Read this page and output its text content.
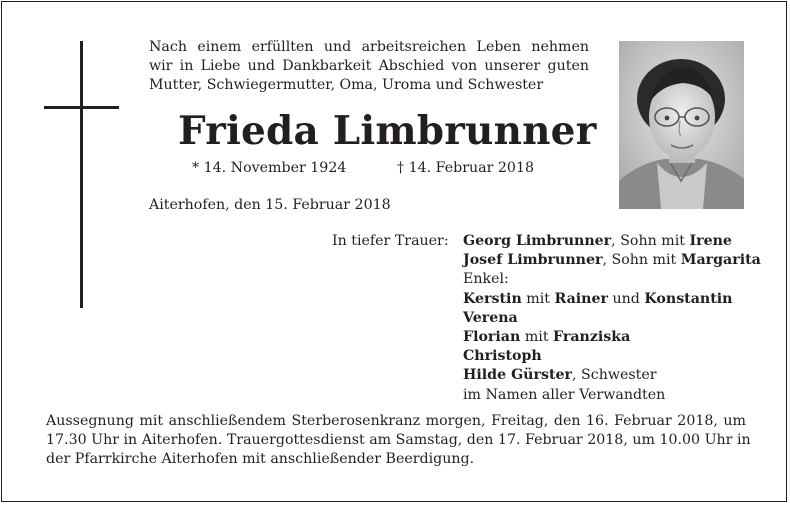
Nach einem erfüllten und arbeitsreichen Leben nehmen
wir in Liebe und Dankbarkeit Abschied von unserer guten
Mutter, Schwiegermutter, Oma, Uroma und Schwester
Frieda Limbrunner
* 14. November 1924	† 14. Februar 2018
Aiterhofen, den 15. Februar 2018
In tiefer Trauer: Georg Limbrunner, Sohn mit Irene
Josef Limbrunner, Sohn mit Margarita
Enkel:
Kerstin mit Rainer und Konstantin
Verena
Florian mit Franziska
Christoph
Hilde Gürster, Schwester
im Namen aller Verwandten
Aussegnung mit anschließendem Sterberosenkranz morgen, Freitag, den 16. Februar 2018, um
17.30 Uhr in Aiterhofen. Trauergottesdienst am Samstag, den 17. Februar 2018, um 10.00 Uhr in
der Pfarrkirche Aiterhofen mit anschließender Beerdigung.
